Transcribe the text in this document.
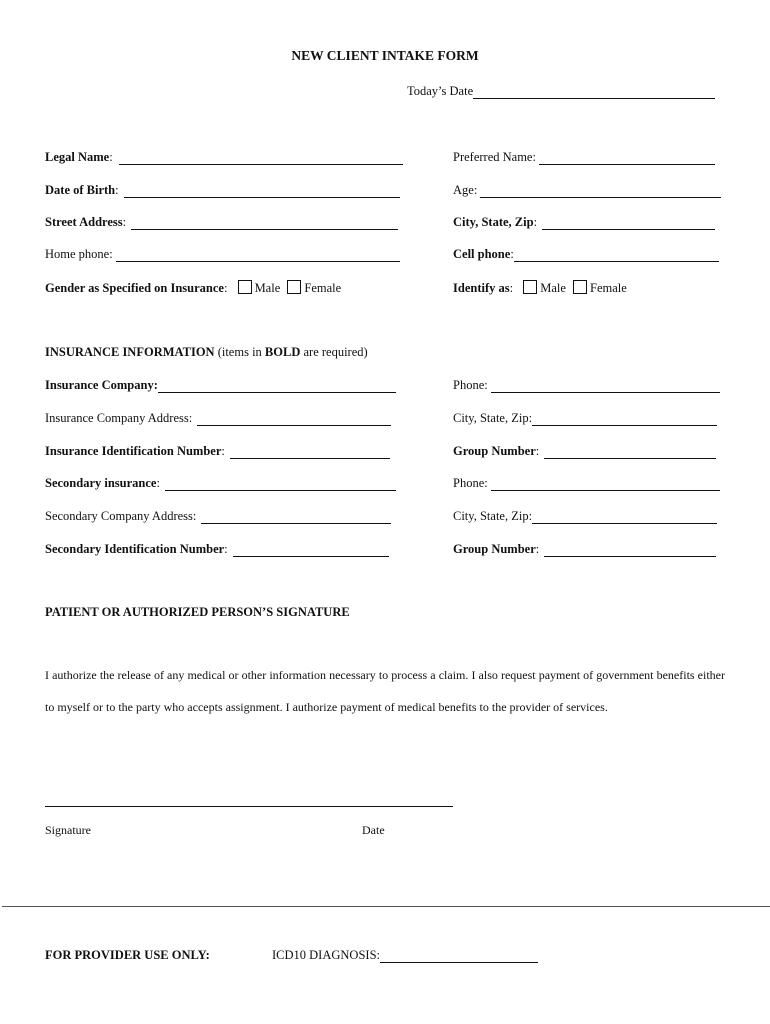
NEW CLIENT INTAKE FORM
Today’s Date
Legal Name :
Date of Birth :
Street Address :
Home phone:
Gender as Specified on Insurance: Male Female
Preferred Name:
Age:
City, State, Zip :
Cell phone :
Identify as: Male Female
INSURANCE INFORMATION (items in BOLD are required)
Insurance Company:
Insurance Company Address:
Insurance Identification Number :
Secondary insurance :
Secondary Company Address:
Secondary Identification Number :
Phone:
City, State, Zip:
Group Number :
Phone:
City, State, Zip:
Group Number :
PATIENT OR AUTHORIZED PERSON’S SIGNATURE
I authorize the release of any medical or other information necessary to process a claim. I also request payment of government benefits either to myself or to the party who accepts assignment. I authorize payment of medical benefits to the provider of services.
Signature	Date
FOR PROVIDER USE ONLY:	ICD10 DIAGNOSIS:
